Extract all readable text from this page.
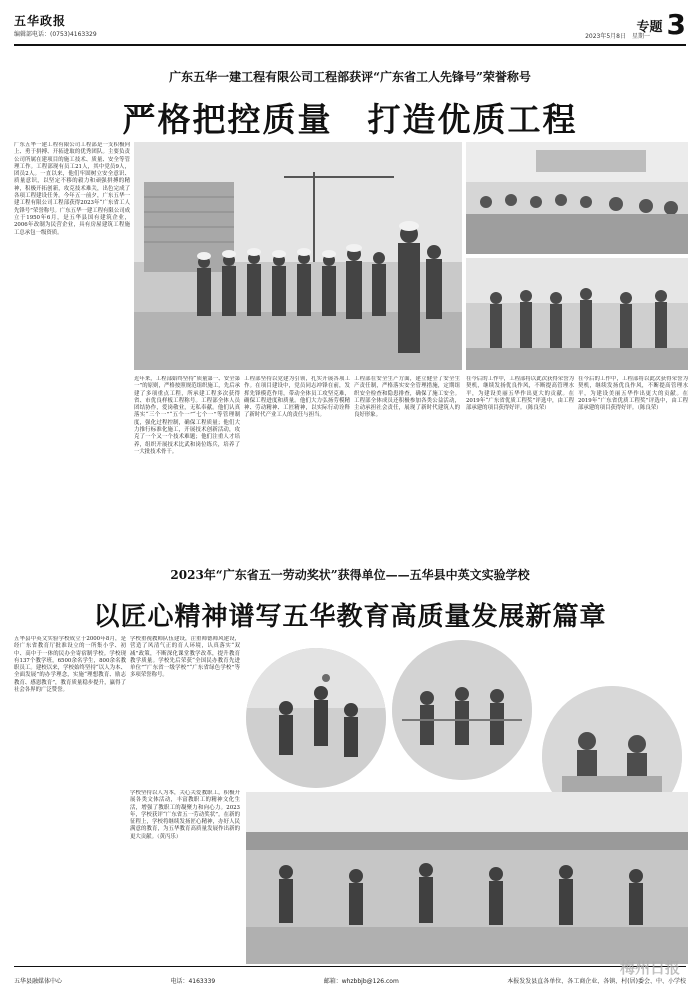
五华政报
编辑部电话：(0753)4163329	2023年5月8日　星期一
专题 3
广东五华一建工程有限公司工程部获评“广东省工人先锋号”荣誉称号
严格把控质量　打造优质工程
广东五华一建工程有限公司工程部是一支积极向上、勇于拼搏、开拓进取的优秀团队。主要负责公司所属在建项目的施工技术、质量、安全等管理工作。工程部现有员工21人，其中党员9人，团员2人。一直以来，他们牢固树立安全意识、质量意识，以坚定不移的毅力和顽强拼搏的精神，积极开拓创新，攻克技术难关，出色完成了各项工程建设任务。今年五一前夕，广东五华一建工程有限公司工程部获得2023年“广东省工人先锋号”荣誉称号。广东五华一建工程有限公司成立于1950年6月，是五华县国有建筑企业，2006年改制为民营企业，具有房屋建筑工程施工总承包一级资质。
近年来，工程部始终坚持“质量第一、安全第一”的原则，严格按照规范组织施工，先后承建了多项重点工程，所承建工程多次获得省、市优良样板工程称号。工程部全体人员团结协作，爱岗敬业，无私奉献。他们认真落实“三个一”“五个一”“七个一”等管理制度，强化过程控制，确保工程质量；他们大力推行标准化施工，开展技术创新活动，攻克了一个又一个技术难题；他们注重人才培养，组织开展技术比武和岗位练兵，培养了一大批技术骨干。
工程部坚持以党建为引领，扎实开展各项工作。在项目建设中，党员同志冲锋在前，发挥先锋模范作用，带动全体员工攻坚克难，确保工程进度和质量。他们大力弘扬劳模精神、劳动精神、工匠精神，以实际行动诠释了新时代产业工人的责任与担当。
工程部在安全生产方面，建立健全了安全生产责任制，严格落实安全管理措施，定期组织安全检查和隐患排查，确保了施工安全。工程部全体成员还积极参加各类公益活动，主动承担社会责任，展现了新时代建筑人的良好形象。
在今后的工作中，工程部将以此次获得荣誉为契机，继续发扬优良作风，不断提高管理水平，为建设美丽五华作出更大的贡献。在2019年“广东省优质工程奖”评选中，由工程部承建的项目获得好评。（陈良荣）
在今后的工作中，工程部将以此次获得荣誉为契机，继续发扬优良作风，不断提高管理水平，为建设美丽五华作出更大的贡献。在2019年“广东省优质工程奖”评选中，由工程部承建的项目获得好评。（陈良荣）
2023年“广东省五一劳动奖状”获得单位——五华县中英文实验学校
以匠心精神谱写五华教育高质量发展新篇章
五华县中英文实验学校成立于2000年8月，是经广东省教育厅批准设立的一所集小学、初中、高中于一体的民办全寄宿制学校。学校现有137个教学班，6500余名学生，800余名教职员工。建校以来，学校始终坚持“以人为本、全面发展”的办学理念，实施“理想教育、励志教育、感恩教育”，教育质量稳步提升，赢得了社会各界的广泛赞誉。
学校重视教师队伍建设，注重师德师风建设，营造了风清气正的育人环境，认真落实“双减”政策，不断深化课堂教学改革，提升教育教学质量。学校先后荣获“全国民办教育先进单位”“广东省一级学校”“广东省绿色学校”等多项荣誉称号。
学校坚持以人为本，关心关爱教职工，积极开展各类文体活动，丰富教职工的精神文化生活，增强了教职工的凝聚力和向心力。2023年，学校获评“广东省五一劳动奖状”。在新的征程上，学校将继续发扬匠心精神，办好人民满意的教育，为五华教育高质量发展作出新的更大贡献。（黄丙乐）
五华县融媒体中心	电话：4163339	邮箱：whzbbjb@126.com	本报发发县直各单位、各工商企业、各镇、村(居)委会、中、小学校
梅州日报
